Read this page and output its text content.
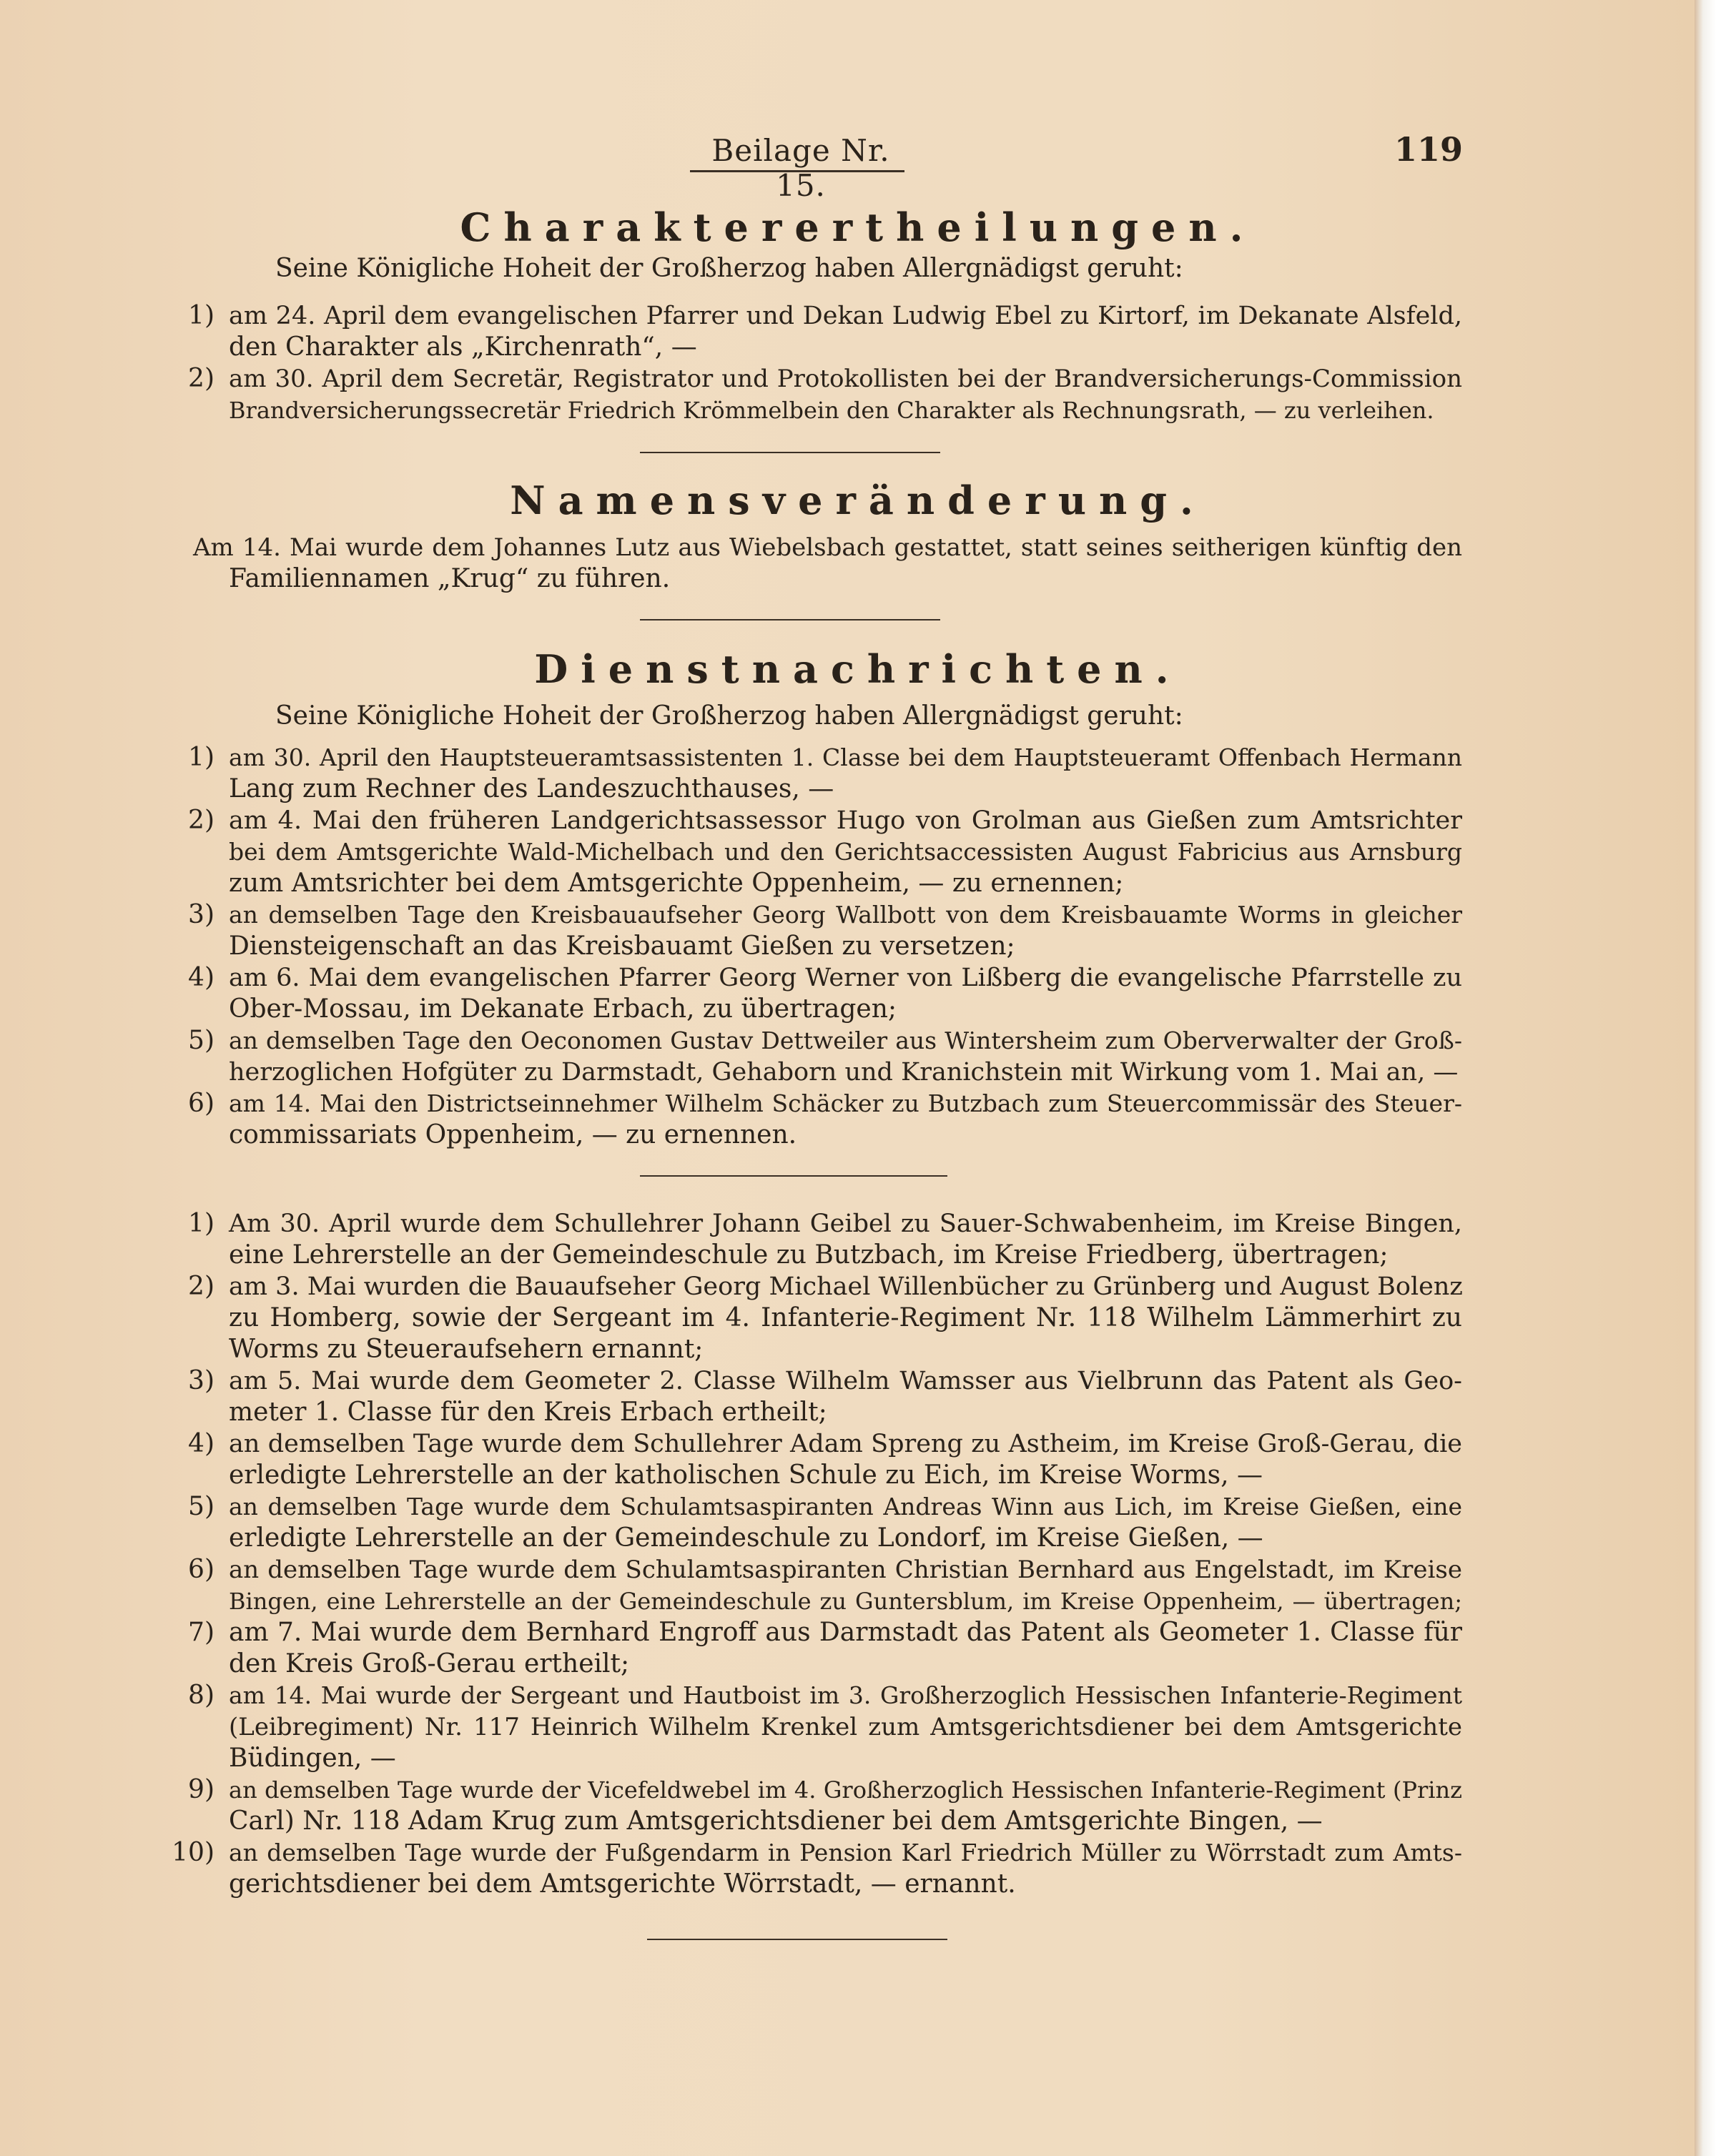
Beilage Nr. 15.
119
Charakterertheilungen.
Seine Königliche Hoheit der Großherzog haben Allergnädigst geruht:
1) am 24. April dem evangelischen Pfarrer und Dekan Ludwig Ebel zu Kirtorf, im Dekanate Alsfeld,
den Charakter als „Kirchenrath“, —
2) am 30. April dem Secretär, Registrator und Protokollisten bei der Brandversicherungs-Commission
Brandversicherungssecretär Friedrich Krömmelbein den Charakter als Rechnungsrath, — zu verleihen.
Namensveränderung.
Am 14. Mai wurde dem Johannes Lutz aus Wiebelsbach gestattet, statt seines seitherigen künftig den
Familiennamen „Krug“ zu führen.
Dienstnachrichten.
Seine Königliche Hoheit der Großherzog haben Allergnädigst geruht:
1) am 30. April den Hauptsteueramtsassistenten 1. Classe bei dem Hauptsteueramt Offenbach Hermann
Lang zum Rechner des Landeszuchthauses, —
2) am 4. Mai den früheren Landgerichtsassessor Hugo von Grolman aus Gießen zum Amtsrichter
bei dem Amtsgerichte Wald-Michelbach und den Gerichtsaccessisten August Fabricius aus Arnsburg
zum Amtsrichter bei dem Amtsgerichte Oppenheim, — zu ernennen;
3) an demselben Tage den Kreisbauaufseher Georg Wallbott von dem Kreisbauamte Worms in gleicher
Diensteigenschaft an das Kreisbauamt Gießen zu versetzen;
4) am 6. Mai dem evangelischen Pfarrer Georg Werner von Lißberg die evangelische Pfarrstelle zu
Ober-Mossau, im Dekanate Erbach, zu übertragen;
5) an demselben Tage den Oeconomen Gustav Dettweiler aus Wintersheim zum Oberverwalter der Groß-
herzoglichen Hofgüter zu Darmstadt, Gehaborn und Kranichstein mit Wirkung vom 1. Mai an, —
6) am 14. Mai den Districtseinnehmer Wilhelm Schäcker zu Butzbach zum Steuercommissär des Steuer-
commissariats Oppenheim, — zu ernennen.
1) Am 30. April wurde dem Schullehrer Johann Geibel zu Sauer-Schwabenheim, im Kreise Bingen,
eine Lehrerstelle an der Gemeindeschule zu Butzbach, im Kreise Friedberg, übertragen;
2) am 3. Mai wurden die Bauaufseher Georg Michael Willenbücher zu Grünberg und August Bolenz
zu Homberg, sowie der Sergeant im 4. Infanterie-Regiment Nr. 118 Wilhelm Lämmerhirt zu
Worms zu Steueraufsehern ernannt;
3) am 5. Mai wurde dem Geometer 2. Classe Wilhelm Wamsser aus Vielbrunn das Patent als Geo-
meter 1. Classe für den Kreis Erbach ertheilt;
4) an demselben Tage wurde dem Schullehrer Adam Spreng zu Astheim, im Kreise Groß-Gerau, die
erledigte Lehrerstelle an der katholischen Schule zu Eich, im Kreise Worms, —
5) an demselben Tage wurde dem Schulamtsaspiranten Andreas Winn aus Lich, im Kreise Gießen, eine
erledigte Lehrerstelle an der Gemeindeschule zu Londorf, im Kreise Gießen, —
6) an demselben Tage wurde dem Schulamtsaspiranten Christian Bernhard aus Engelstadt, im Kreise
Bingen, eine Lehrerstelle an der Gemeindeschule zu Guntersblum, im Kreise Oppenheim, — übertragen;
7) am 7. Mai wurde dem Bernhard Engroff aus Darmstadt das Patent als Geometer 1. Classe für
den Kreis Groß-Gerau ertheilt;
8) am 14. Mai wurde der Sergeant und Hautboist im 3. Großherzoglich Hessischen Infanterie-Regiment
(Leibregiment) Nr. 117 Heinrich Wilhelm Krenkel zum Amtsgerichtsdiener bei dem Amtsgerichte
Büdingen, —
9) an demselben Tage wurde der Vicefeldwebel im 4. Großherzoglich Hessischen Infanterie-Regiment (Prinz
Carl) Nr. 118 Adam Krug zum Amtsgerichtsdiener bei dem Amtsgerichte Bingen, —
10) an demselben Tage wurde der Fußgendarm in Pension Karl Friedrich Müller zu Wörrstadt zum Amts-
gerichtsdiener bei dem Amtsgerichte Wörrstadt, — ernannt.
